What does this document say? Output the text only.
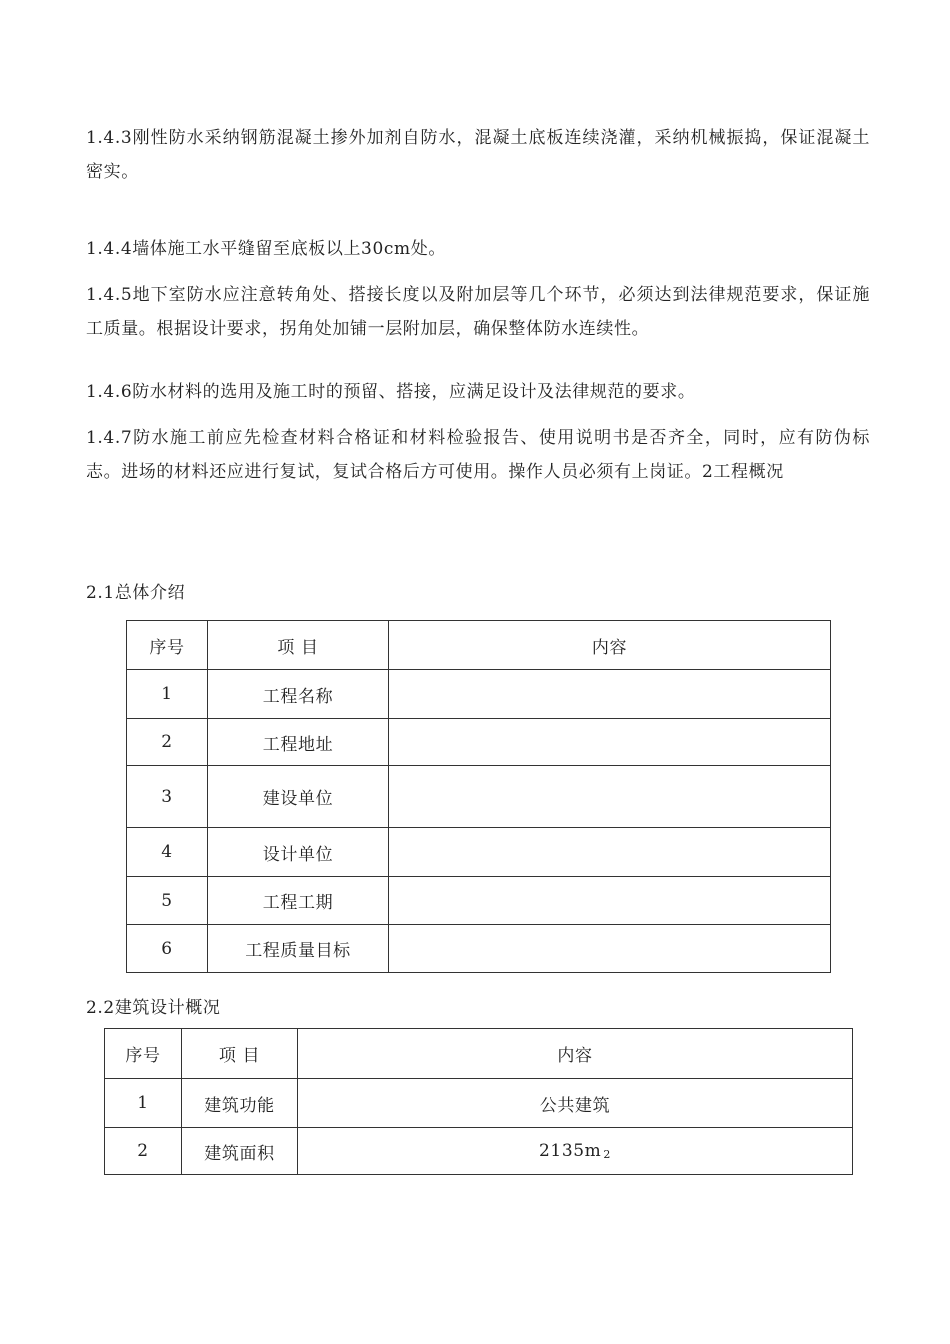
1.4.3刚性防水采纳钢筋混凝土掺外加剂自防水，混凝土底板连续浇灌，采纳机械振捣，保证混凝土密实。

1.4.4墙体施工水平缝留至底板以上30cm处。

1.4.5地下室防水应注意转角处、搭接长度以及附加层等几个环节，必须达到法律规范要求，保证施工质量。根据设计要求，拐角处加铺一层附加层，确保整体防水连续性。

1.4.6防水材料的选用及施工时的预留、搭接，应满足设计及法律规范的要求。

1.4.7防水施工前应先检查材料合格证和材料检验报告、使用说明书是否齐全，同时，应有防伪标志。进场的材料还应进行复试，复试合格后方可使用。操作人员必须有上岗证。2工程概况

2.1总体介绍

序号	项 目	内容
1	工程名称	
2	工程地址	
3	建设单位	
4	设计单位	
5	工程工期	
6	工程质量目标	

2.2建筑设计概况

序号	项 目	内容
1	建筑功能	公共建筑
2	建筑面积	2135m $_2$
